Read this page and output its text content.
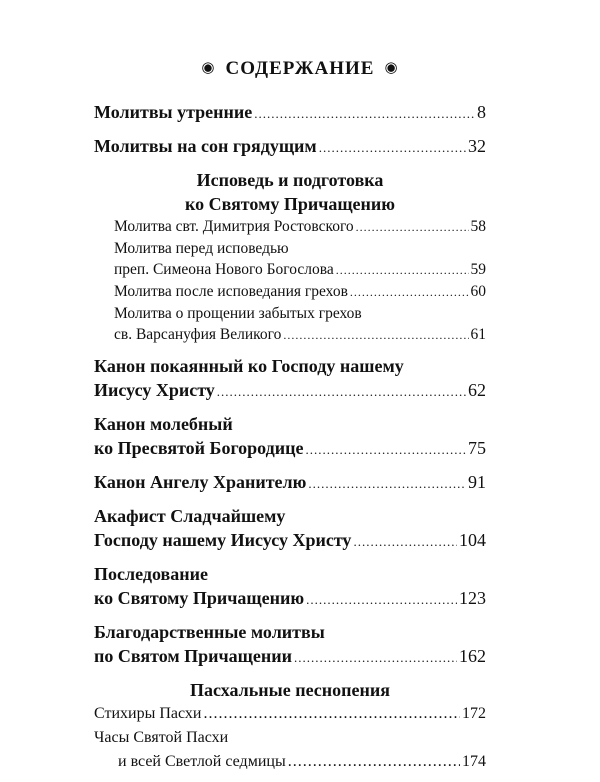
◉ СОДЕРЖАНИЕ ◉
Молитвы утренние .....	8
Молитвы на сон грядущим .....	32
Исповедь и подготовка
ко Святому Причащению
Молитва свт. Димитрия Ростовского .....	58
Молитва перед исповедью
преп. Симеона Нового Богослова .....	59
Молитва после исповедания грехов .....	60
Молитва о прощении забытых грехов
св. Варсануфия Великого .....	61
Канон покаянный ко Господу нашему
Иисусу Христу .....	62
Канон молебный
ко Пресвятой Богородице .....	75
Канон Ангелу Хранителю .....	91
Акафист Сладчайшему
Господу нашему Иисусу Христу .....	104
Последование
ко Святому Причащению .....	123
Благодарственные молитвы
по Святом Причащении .....	162
Пасхальные песнопения
Стихиры Пасхи .....	172
Часы Святой Пасхи
и всей Светлой седмицы .....	174
